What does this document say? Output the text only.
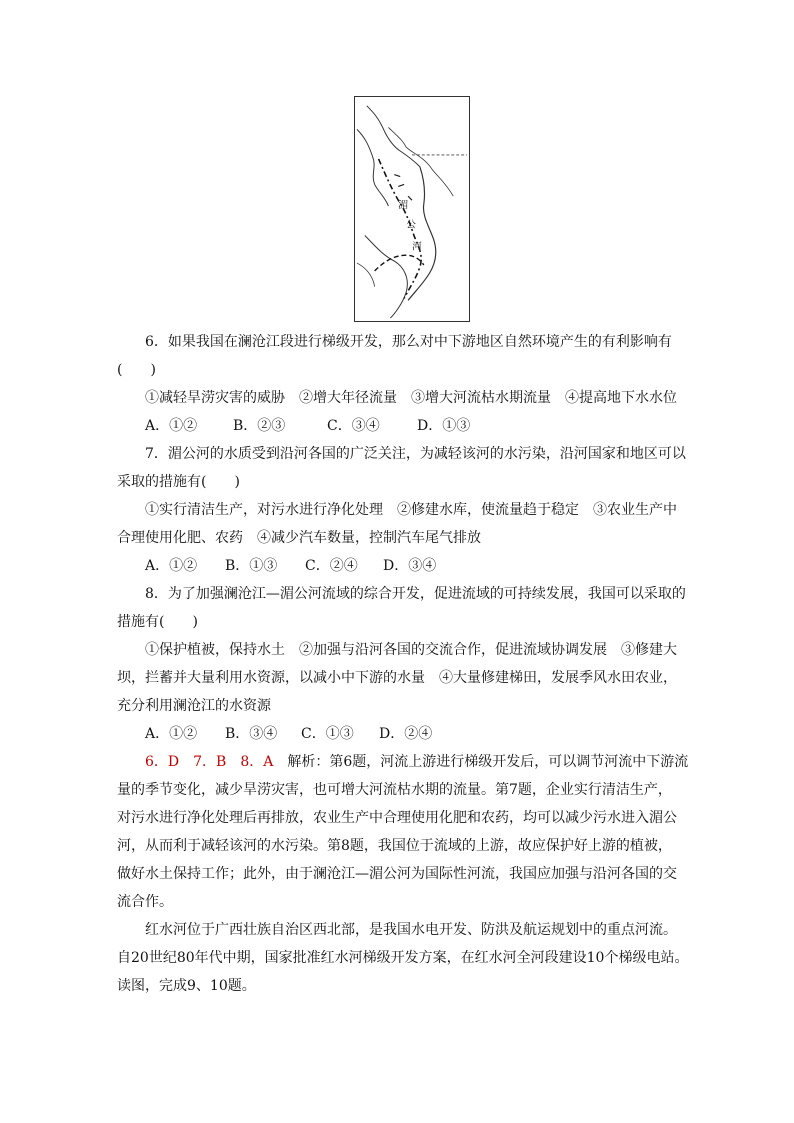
湄
公
河
6．如果我国在澜沧江段进行梯级开发，那么对中下游地区自然环境产生的有利影响有
(　　)
①减轻旱涝灾害的威胁　②增大年径流量　③增大河流枯水期流量　④提高地下水水位
A．①②	B．②③	C．③④	D．①③
7．湄公河的水质受到沿河各国的广泛关注，为减轻该河的水污染，沿河国家和地区可以
采取的措施有(　　)
①实行清洁生产，对污水进行净化处理　②修建水库，使流量趋于稳定　③农业生产中
合理使用化肥、农药　④减少汽车数量，控制汽车尾气排放
A．①② B．①③ C．②④ D．③④
8．为了加强澜沧江—湄公河流域的综合开发，促进流域的可持续发展，我国可以采取的
措施有(　　)
①保护植被，保持水土　②加强与沿河各国的交流合作，促进流域协调发展　③修建大
坝，拦蓄并大量利用水资源，以减小中下游的水量　④大量修建梯田，发展季风水田农业，
充分利用澜沧江的水资源
A．①② B．③④ C．①③ D．②④
6．D　 7．B　 8．A　解析：第6题，河流上游进行梯级开发后，可以调节河流中下游流
量的季节变化，减少旱涝灾害，也可增大河流枯水期的流量。第7题，企业实行清洁生产，
对污水进行净化处理后再排放，农业生产中合理使用化肥和农药，均可以减少污水进入湄公
河，从而利于减轻该河的水污染。第8题，我国位于流域的上游，故应保护好上游的植被，
做好水土保持工作；此外，由于澜沧江—湄公河为国际性河流，我国应加强与沿河各国的交
流合作。
红水河位于广西壮族自治区西北部，是我国水电开发、防洪及航运规划中的重点河流。
自20世纪80年代中期，国家批准红水河梯级开发方案，在红水河全河段建设10个梯级电站。
读图，完成9、10题。
